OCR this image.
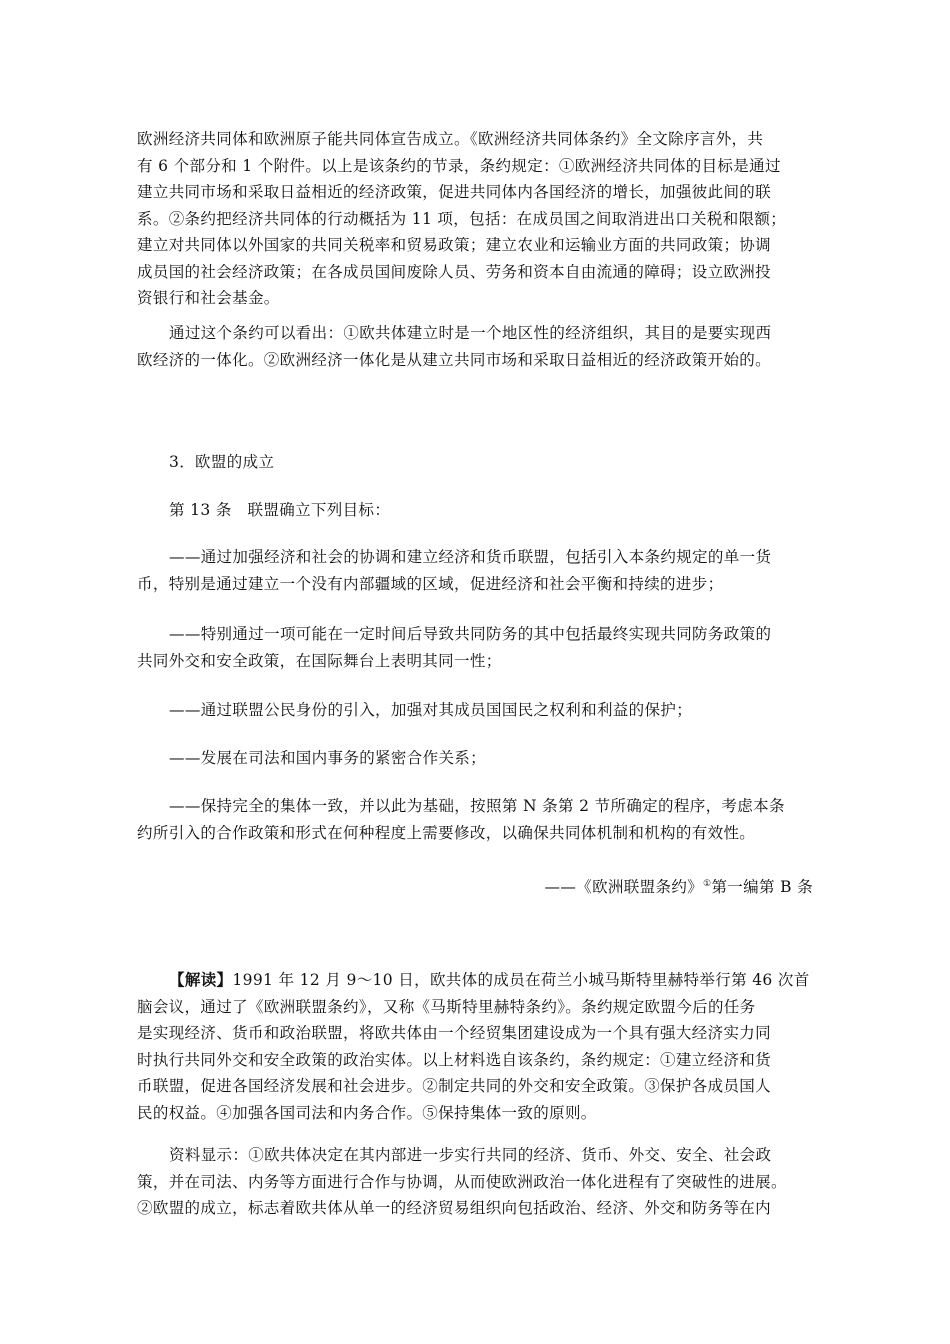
欧洲经济共同体和欧洲原子能共同体宣告成立。《欧洲经济共同体条约》全文除序言外，共
有 6 个部分和 1 个附件。以上是该条约的节录，条约规定：①欧洲经济共同体的目标是通过
建立共同市场和采取日益相近的经济政策，促进共同体内各国经济的增长，加强彼此间的联
系。②条约把经济共同体的行动概括为 11 项，包括：在成员国之间取消进出口关税和限额；
建立对共同体以外国家的共同关税率和贸易政策；建立农业和运输业方面的共同政策；协调
成员国的社会经济政策；在各成员国间废除人员、劳务和资本自由流通的障碍；设立欧洲投
资银行和社会基金。
通过这个条约可以看出：①欧共体建立时是一个地区性的经济组织，其目的是要实现西
欧经济的一体化。②欧洲经济一体化是从建立共同市场和采取日益相近的经济政策开始的。
3．欧盟的成立
第 13 条　联盟确立下列目标：
——通过加强经济和社会的协调和建立经济和货币联盟，包括引入本条约规定的单一货
币，特别是通过建立一个没有内部疆域的区域，促进经济和社会平衡和持续的进步；
——特别通过一项可能在一定时间后导致共同防务的其中包括最终实现共同防务政策的
共同外交和安全政策，在国际舞台上表明其同一性；
——通过联盟公民身份的引入，加强对其成员国国民之权利和利益的保护；
——发展在司法和国内事务的紧密合作关系；
——保持完全的集体一致，并以此为基础，按照第 N 条第 2 节所确定的程序，考虑本条
约所引入的合作政策和形式在何种程度上需要修改，以确保共同体机制和机构的有效性。
——《欧洲联盟条约》①第一编第 B 条
【解读】1991 年 12 月 9～10 日，欧共体的成员在荷兰小城马斯特里赫特举行第 46 次首
脑会议，通过了《欧洲联盟条约》，又称《马斯特里赫特条约》。条约规定欧盟今后的任务
是实现经济、货币和政治联盟，将欧共体由一个经贸集团建设成为一个具有强大经济实力同
时执行共同外交和安全政策的政治实体。以上材料选自该条约，条约规定：①建立经济和货
币联盟，促进各国经济发展和社会进步。②制定共同的外交和安全政策。③保护各成员国人
民的权益。④加强各国司法和内务合作。⑤保持集体一致的原则。
资料显示：①欧共体决定在其内部进一步实行共同的经济、货币、外交、安全、社会政
策，并在司法、内务等方面进行合作与协调，从而使欧洲政治一体化进程有了突破性的进展。
②欧盟的成立，标志着欧共体从单一的经济贸易组织向包括政治、经济、外交和防务等在内
